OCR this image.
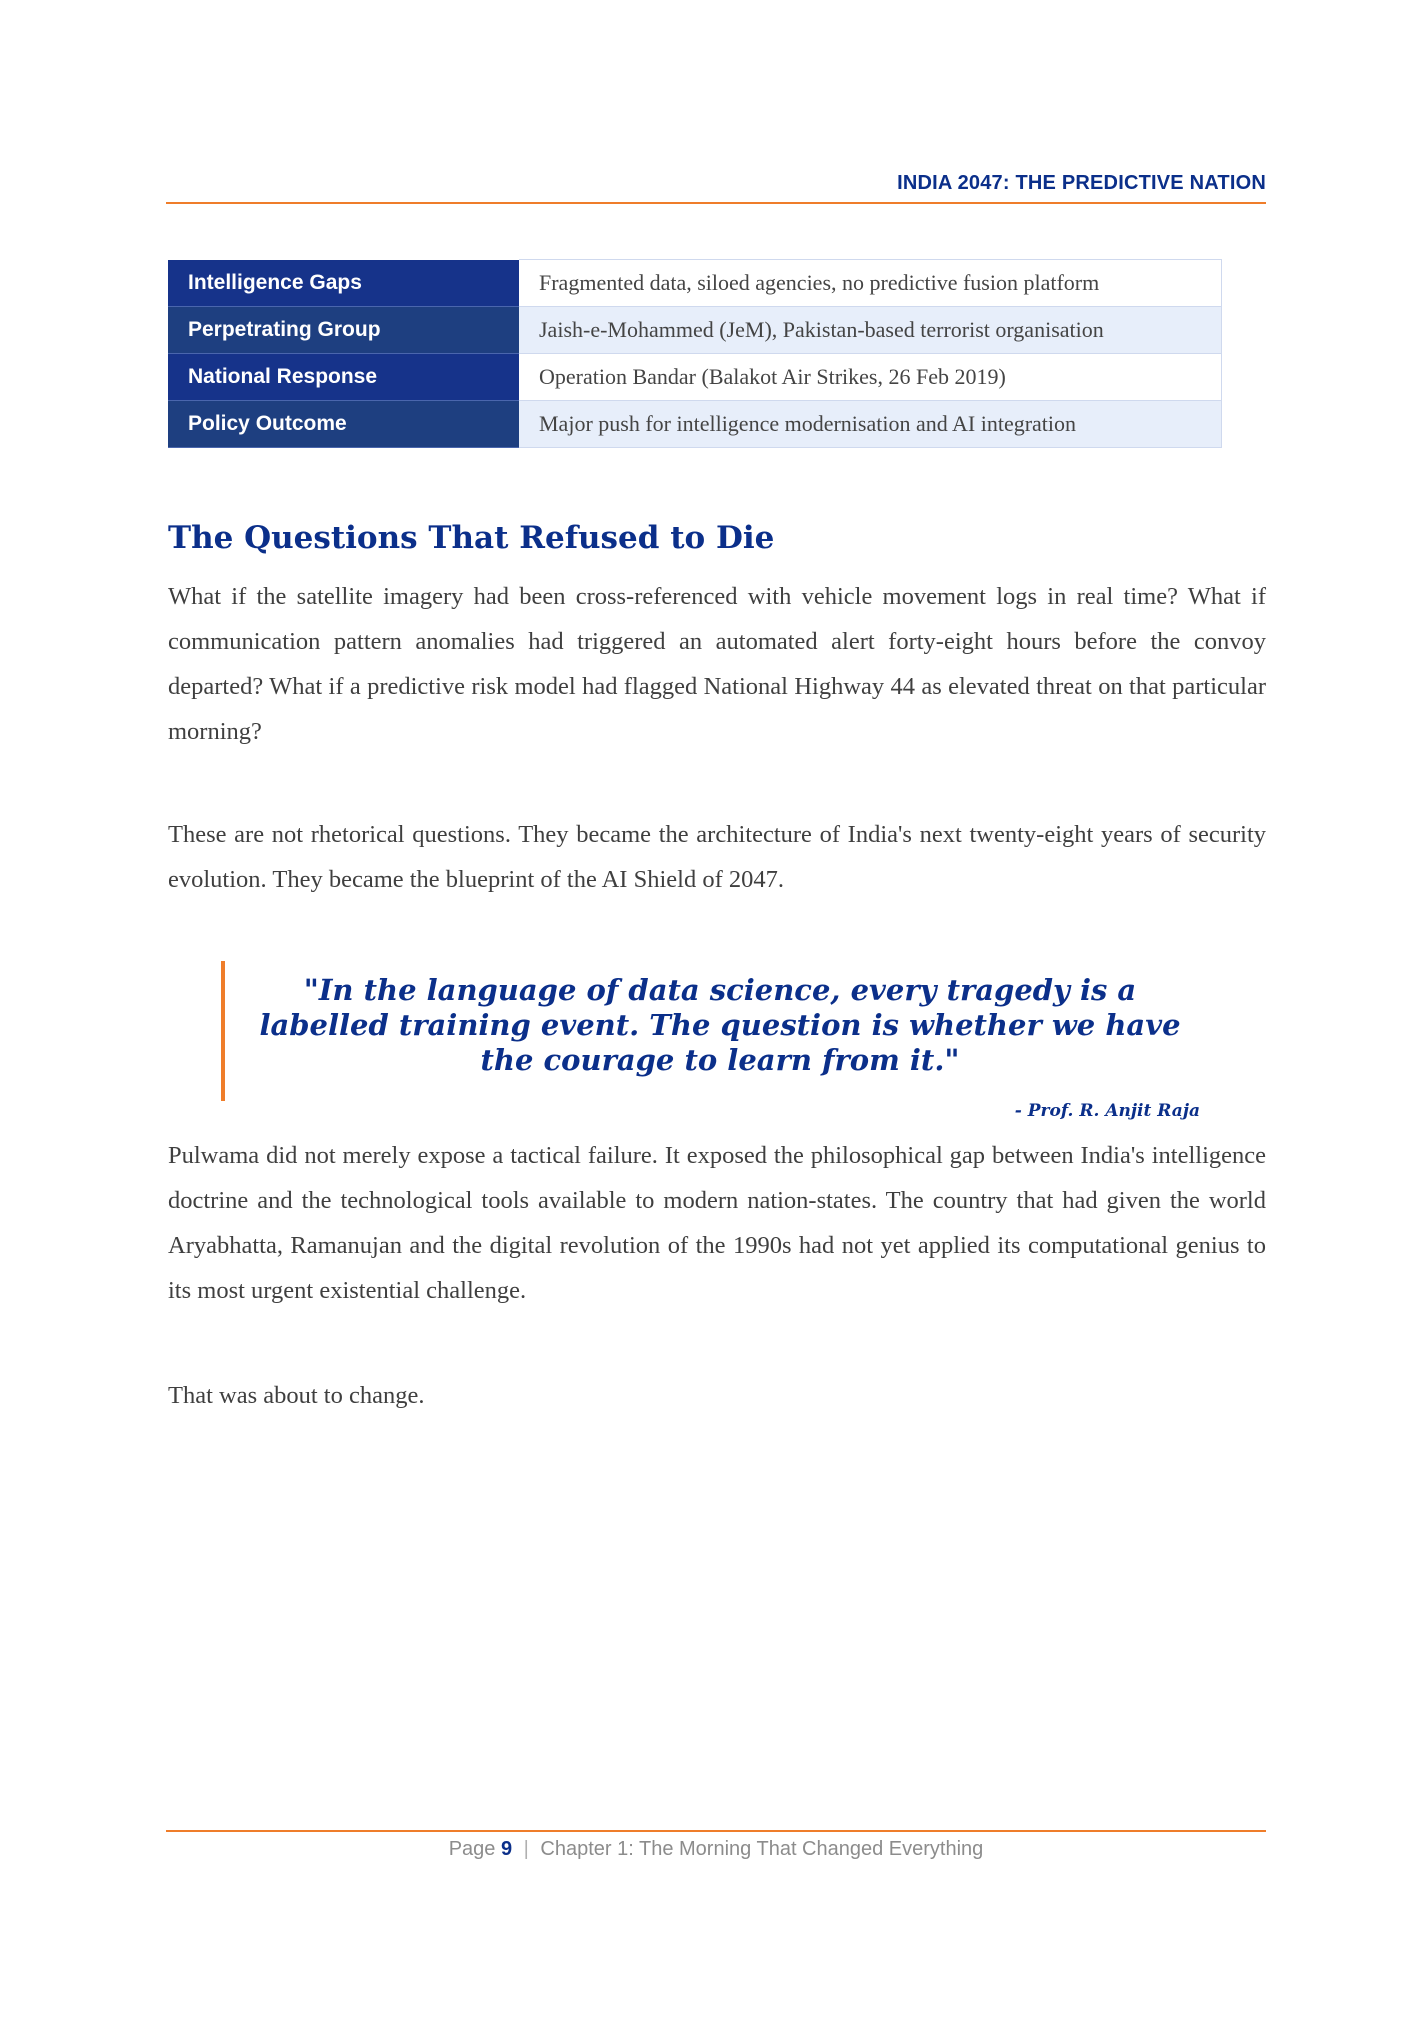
INDIA 2047: THE PREDICTIVE NATION
Intelligence Gaps	Fragmented data, siloed agencies, no predictive fusion platform
Perpetrating Group	Jaish-e-Mohammed (JeM), Pakistan-based terrorist organisation
National Response	Operation Bandar (Balakot Air Strikes, 26 Feb 2019)
Policy Outcome	Major push for intelligence modernisation and AI integration
The Questions That Refused to Die

What if the satellite imagery had been cross-referenced with vehicle movement logs in real time? What if communication pattern anomalies had triggered an automated alert forty-eight hours before the convoy departed? What if a predictive risk model had flagged National Highway 44 as elevated threat on that particular morning?

These are not rhetorical questions. They became the architecture of India's next twenty-eight years of security evolution. They became the blueprint of the AI Shield of 2047.

"In the language of data science, every tragedy is a labelled training event. The question is whether we have the courage to learn from it."

- Prof. R. Anjit Raja

Pulwama did not merely expose a tactical failure. It exposed the philosophical gap between India's intelligence doctrine and the technological tools available to modern nation-states. The country that had given the world Aryabhatta, Ramanujan and the digital revolution of the 1990s had not yet applied its computational genius to its most urgent existential challenge.

That was about to change.

Page 9 | Chapter 1: The Morning That Changed Everything
